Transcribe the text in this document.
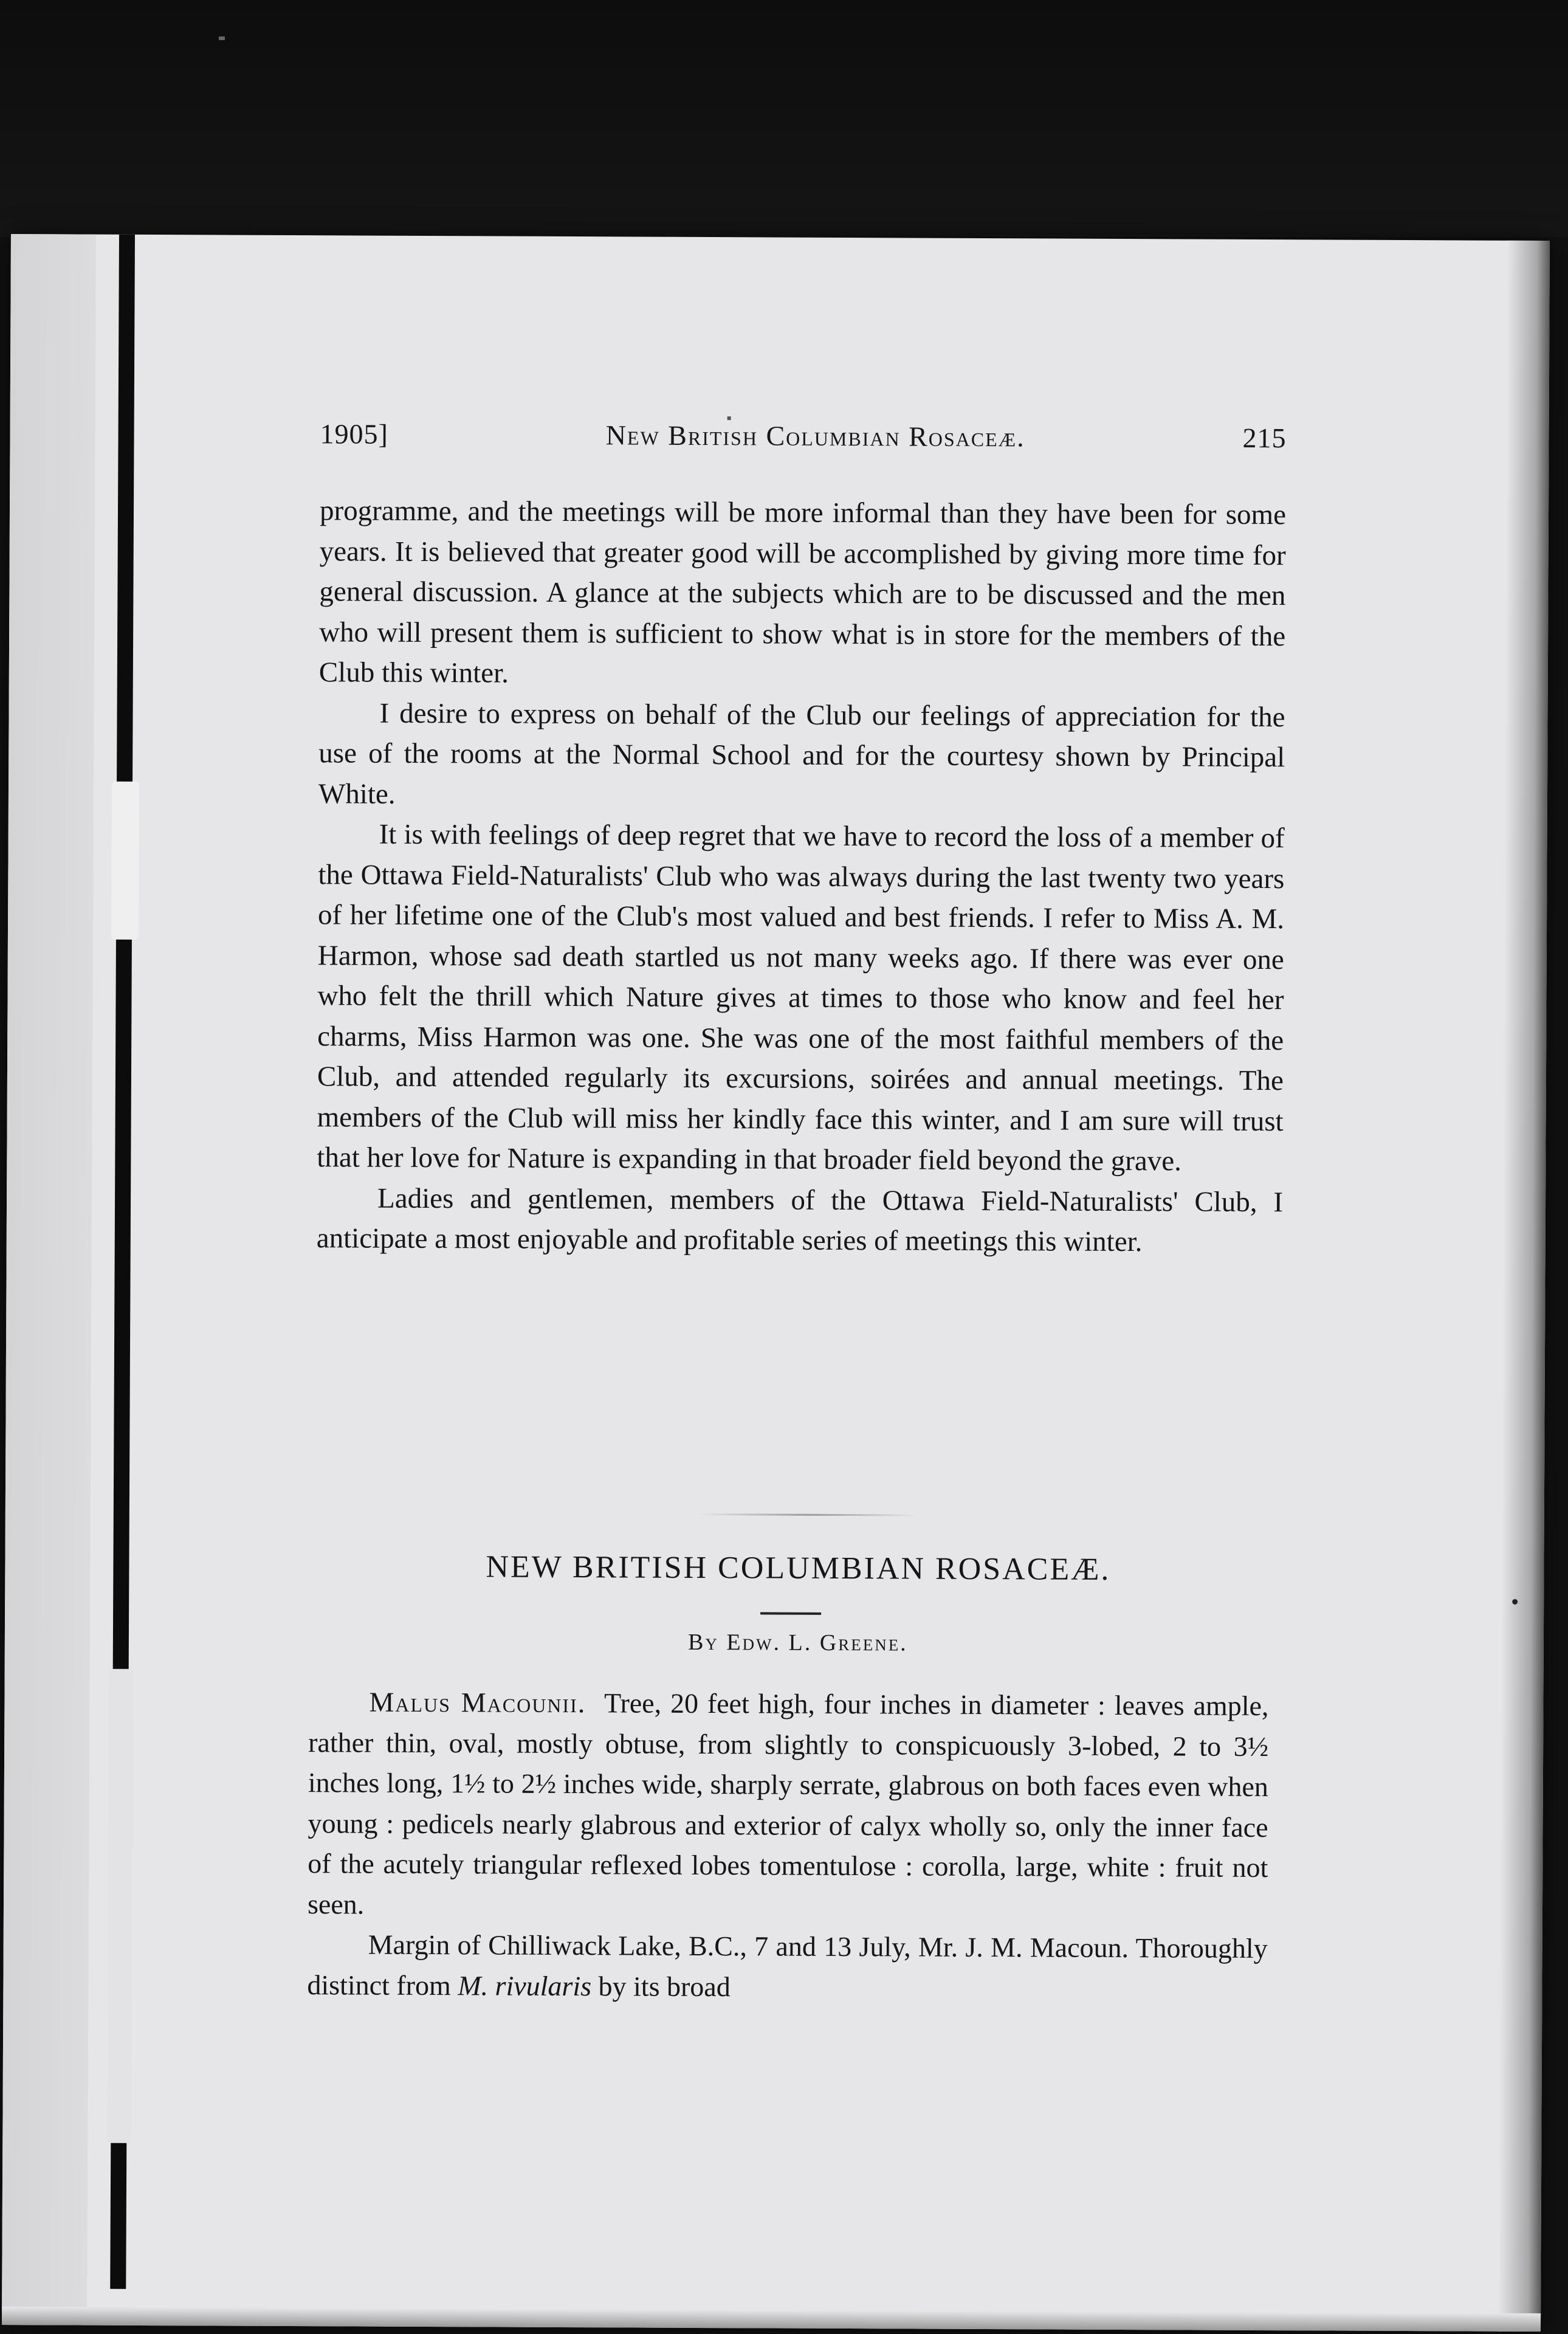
1905]	New British Columbian Rosaceæ.	215

programme, and the meetings will be more informal than they have been for some years. It is believed that greater good will be accomplished by giving more time for general discussion. A glance at the subjects which are to be discussed and the men who will present them is sufficient to show what is in store for the members of the Club this winter.

I desire to express on behalf of the Club our feelings of appreciation for the use of the rooms at the Normal School and for the courtesy shown by Principal White.

It is with feelings of deep regret that we have to record the loss of a member of the Ottawa Field-Naturalists' Club who was always during the last twenty two years of her lifetime one of the Club's most valued and best friends. I refer to Miss A. M. Harmon, whose sad death startled us not many weeks ago. If there was ever one who felt the thrill which Nature gives at times to those who know and feel her charms, Miss Harmon was one. She was one of the most faithful members of the Club, and attended regularly its excursions, soirées and annual meetings. The members of the Club will miss her kindly face this winter, and I am sure will trust that her love for Nature is expanding in that broader field beyond the grave.

Ladies and gentlemen, members of the Ottawa Field-Naturalists' Club, I anticipate a most enjoyable and profitable series of meetings this winter.

NEW BRITISH COLUMBIAN ROSACEÆ.
By Edw. L. Greene.

Malus Macounii. Tree, 20 feet high, four inches in diameter : leaves ample, rather thin, oval, mostly obtuse, from slightly to conspicuously 3-lobed, 2 to 3½ inches long, 1½ to 2½ inches wide, sharply serrate, glabrous on both faces even when young : pedicels nearly glabrous and exterior of calyx wholly so, only the inner face of the acutely triangular reflexed lobes tomentulose : corolla, large, white : fruit not seen.

Margin of Chilliwack Lake, B.C., 7 and 13 July, Mr. J. M. Macoun. Thoroughly distinct from M. rivularis by its broad
